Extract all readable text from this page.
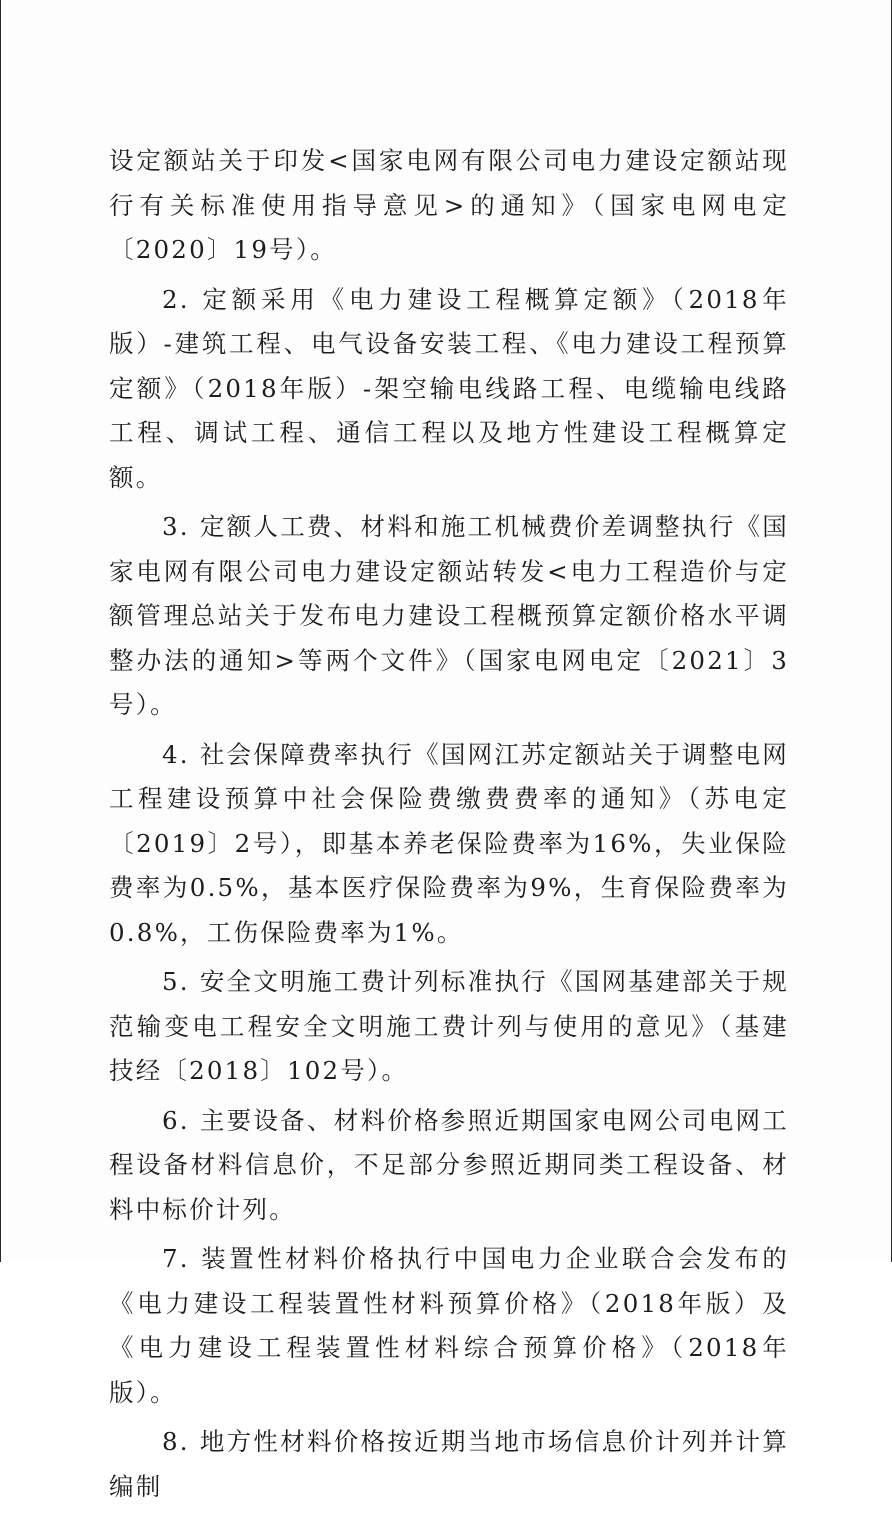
设定额站关于印发<国家电网有限公司电力建设定额站现行有关标准使用指导意见>的通知》（国家电网电定〔2020〕19号）。

2. 定额采用《电力建设工程概算定额》（2018年版）-建筑工程、电气设备安装工程、《电力建设工程预算定额》（2018年版）-架空输电线路工程、电缆输电线路工程、调试工程、通信工程以及地方性建设工程概算定额。

3. 定额人工费、材料和施工机械费价差调整执行《国家电网有限公司电力建设定额站转发<电力工程造价与定额管理总站关于发布电力建设工程概预算定额价格水平调整办法的通知>等两个文件》（国家电网电定〔2021〕3号）。

4. 社会保障费率执行《国网江苏定额站关于调整电网工程建设预算中社会保险费缴费费率的通知》（苏电定〔2019〕2号），即基本养老保险费率为16%，失业保险费率为0.5%，基本医疗保险费率为9%，生育保险费率为0.8%，工伤保险费率为1%。

5. 安全文明施工费计列标准执行《国网基建部关于规范输变电工程安全文明施工费计列与使用的意见》（基建技经〔2018〕102号）。

6. 主要设备、材料价格参照近期国家电网公司电网工程设备材料信息价，不足部分参照近期同类工程设备、材料中标价计列。

7. 装置性材料价格执行中国电力企业联合会发布的《电力建设工程装置性材料预算价格》（2018年版）及《电力建设工程装置性材料综合预算价格》（2018年版）。

8. 地方性材料价格按近期当地市场信息价计列并计算编制
